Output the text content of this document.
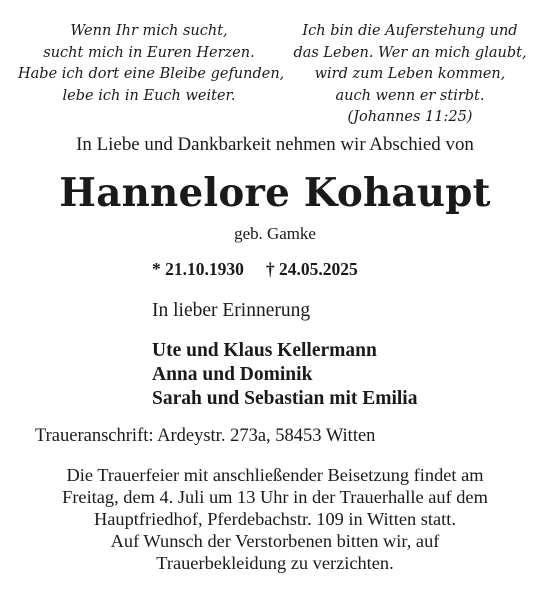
Wenn Ihr mich sucht,
sucht mich in Euren Herzen.
Habe ich dort eine Bleibe gefunden,
lebe ich in Euch weiter.
Ich bin die Auferstehung und
das Leben. Wer an mich glaubt,
wird zum Leben kommen,
auch wenn er stirbt.
(Johannes 11:25)
In Liebe und Dankbarkeit nehmen wir Abschied von
Hannelore Kohaupt
geb. Gamke
* 21.10.1930 † 24.05.2025
In lieber Erinnerung
Ute und Klaus Kellermann
Anna und Dominik
Sarah und Sebastian mit Emilia
Traueranschrift: Ardeystr. 273a, 58453 Witten
Die Trauerfeier mit anschließender Beisetzung findet am
Freitag, dem 4. Juli um 13 Uhr in der Trauerhalle auf dem
Hauptfriedhof, Pferdebachstr. 109 in Witten statt.
Auf Wunsch der Verstorbenen bitten wir, auf
Trauerbekleidung zu verzichten.
